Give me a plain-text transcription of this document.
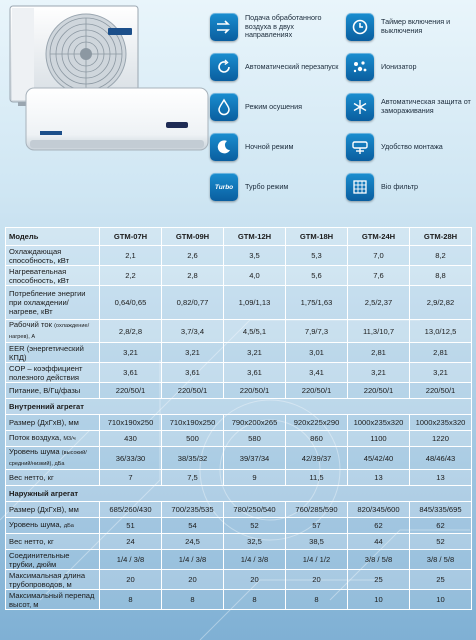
Подача обработанного воздуха в двух направлениях
Таймер включения и выключения
Автоматический перезапуск	Ионизатор
Режим осушения	Автоматическая защита от замораживания
Ночной режим	Удобство монтажа
Turbo Турбо режим	Bio фильтр
Модель	GTM-07H	GTM-09H	GTM-12H	GTM-18H	GTM-24H	GTM-28H
Охлаждающая способность, кВт	2,1	2,6	3,5	5,3	7,0	8,2
Нагревательная способность, кВт	2,2	2,8	4,0	5,6	7,6	8,8
Потребление энергии при охлаждении/ нагреве, кВт	0,64/0,65	0,82/0,77	1,09/1,13	1,75/1,63	2,5/2,37	2,9/2,82
Рабочий ток (охлаждение/нагрев), А	2,8/2,8	3,7/3,4	4,5/5,1	7,9/7,3	11,3/10,7	13,0/12,5
EER (энергетический КПД)	3,21	3,21	3,21	3,01	2,81	2,81
COP – коэффициент полезного действия	3,61	3,61	3,61	3,41	3,21	3,21
Питание, В/Гц/фазы	220/50/1	220/50/1	220/50/1	220/50/1	220/50/1	220/50/1
Внутренний агрегат						
Размер (ДхГхВ), мм	710x190x250	710x190x250	790x200x265	920x225x290	1000x235x320	1000x235x320
Поток воздуха, М3/ч	430	500	580	860	1100	1220
Уровень шума (высокий/ средний/низкий), дБа	36/33/30	38/35/32	39/37/34	42/39/37	45/42/40	48/46/43
Вес нетто, кг	7	7,5	9	11,5	13	13
Наружный агрегат						
Размер (ДхГхВ), мм	685/260/430	700/235/535	780/250/540	760/285/590	820/345/600	845/335/695
Уровень шума, дБа	51	54	52	57	62	62
Вес нетто, кг	24	24,5	32,5	38,5	44	52
Соединительные трубки, дюйм	1/4 / 3/8	1/4 / 3/8	1/4 / 3/8	1/4 / 1/2	3/8 / 5/8	3/8 / 5/8
Максимальная длина трубопроводов, м	20	20	20	20	25	25
Максимальный перепад высот, м	8	8	8	8	10	10
